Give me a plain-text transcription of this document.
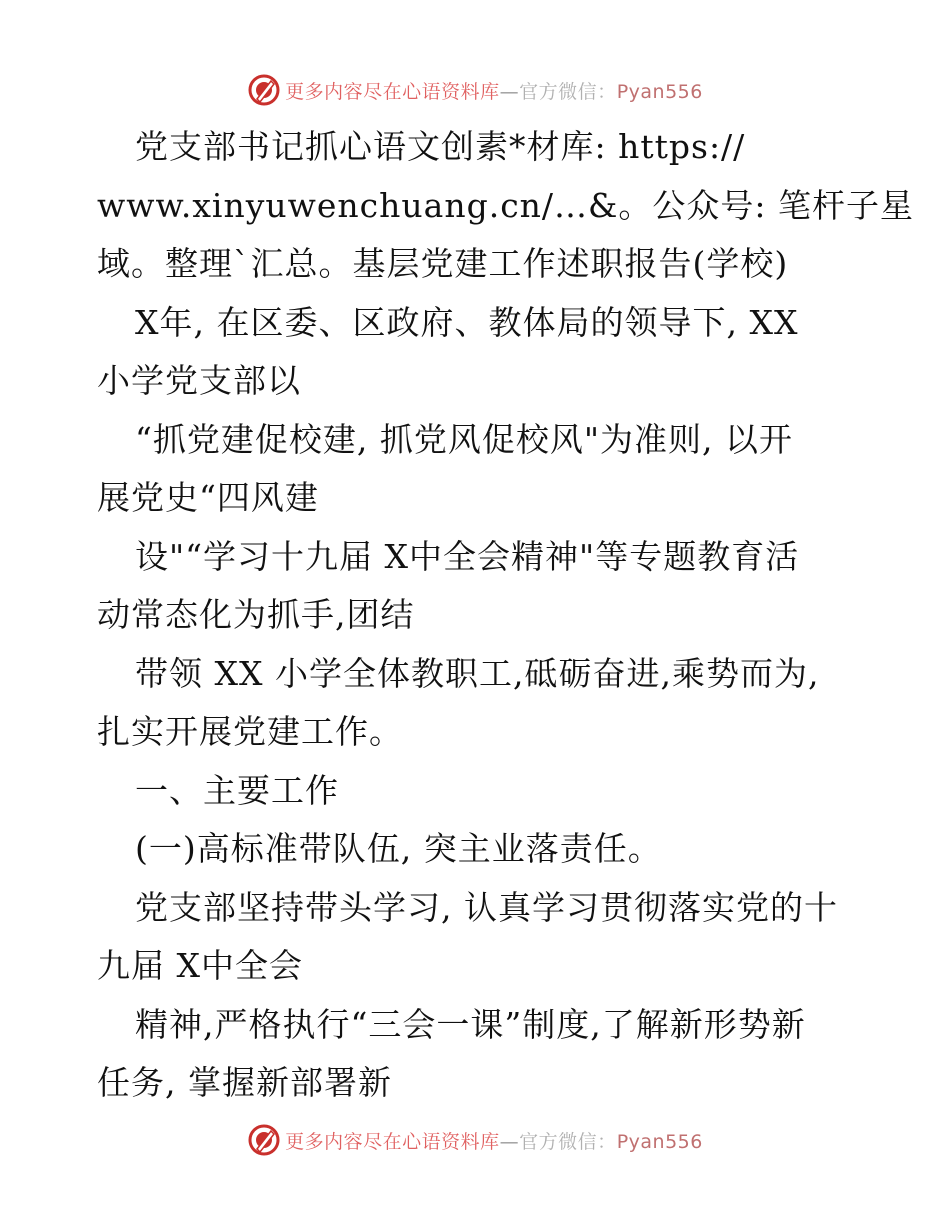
更多内容尽在心语资料库—官方微信：Pyan556
党支部书记抓心语文创素*材库: https://
www.xinyuwenchuang.cn/…&。公众号: 笔杆子星
域。整理`汇总。基层党建工作述职报告(学校)
X年, 在区委、区政府、教体局的领导下, XX
小学党支部以
“抓党建促校建, 抓党风促校风"为准则, 以开
展党史“四风建
设"“学习十九届 X中全会精神"等专题教育活
动常态化为抓手,团结
带领 XX 小学全体教职工,砥砺奋进,乘势而为,
扎实开展党建工作。
一、主要工作
(一)高标准带队伍, 突主业落责任。
党支部坚持带头学习, 认真学习贯彻落实党的十
九届 X中全会
精神,严格执行“三会一课”制度,了解新形势新
任务, 掌握新部署新
更多内容尽在心语资料库—官方微信：Pyan556
